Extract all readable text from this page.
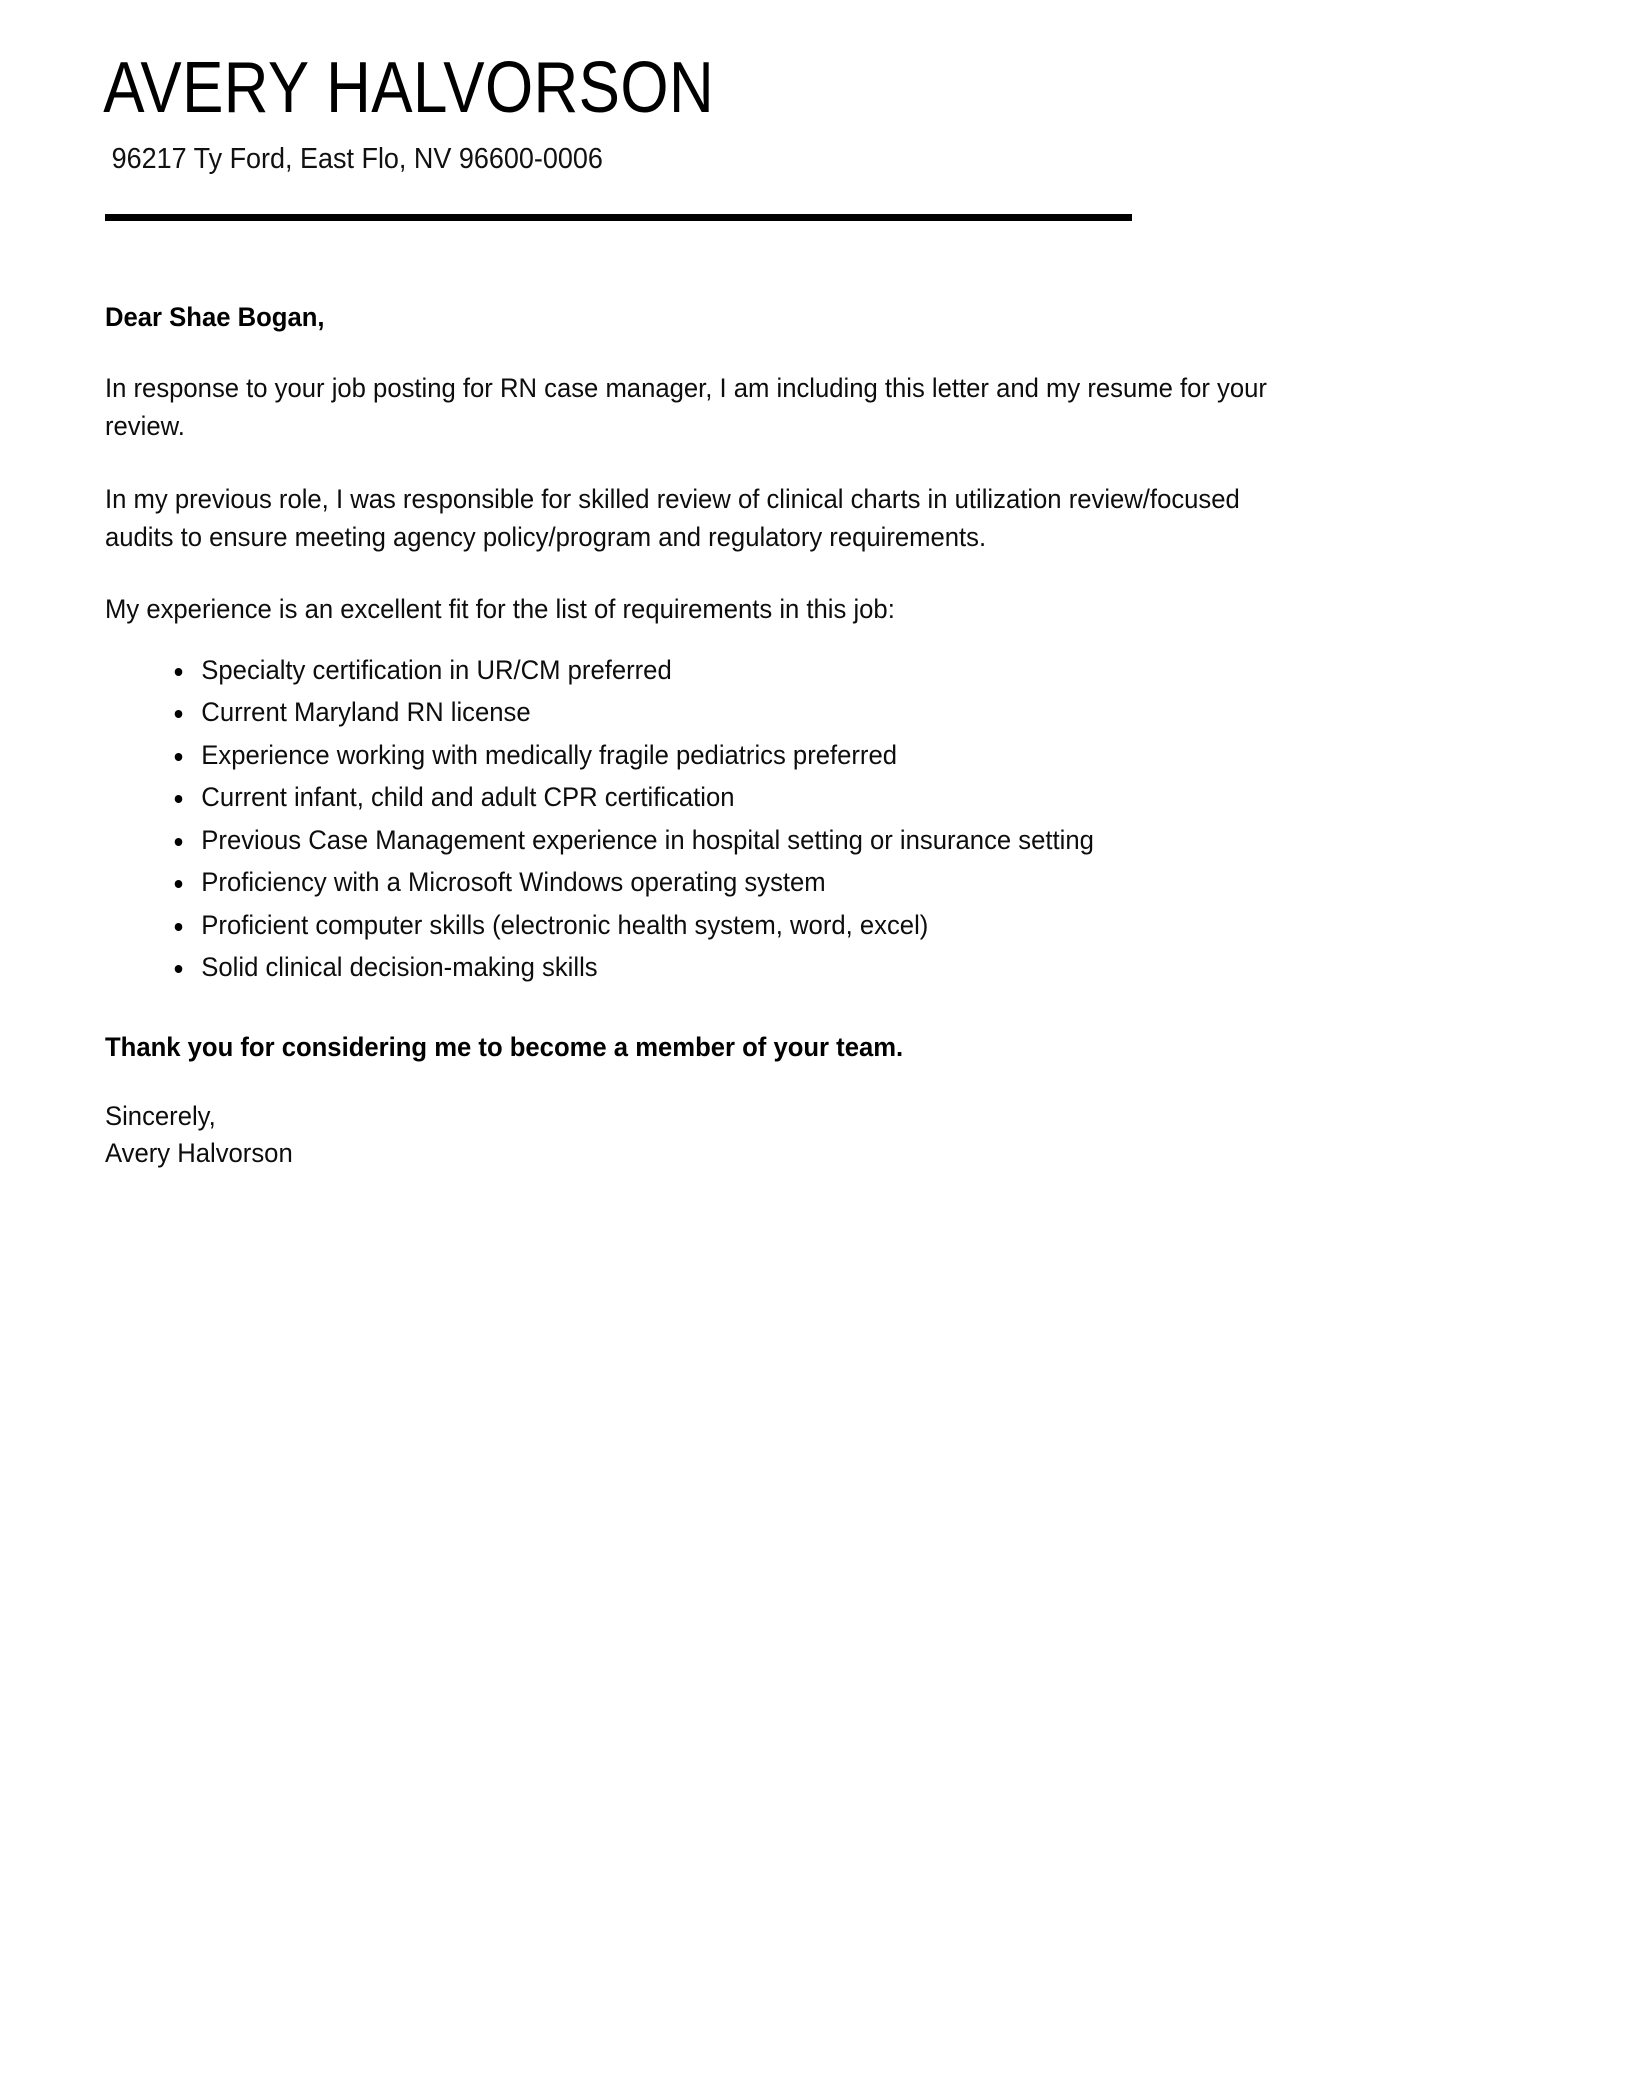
AVERY HALVORSON

96217 Ty Ford, East Flo, NV 96600-0006

Dear Shae Bogan,

In response to your job posting for RN case manager, I am including this letter and my resume for your review.

In my previous role, I was responsible for skilled review of clinical charts in utilization review/focused audits to ensure meeting agency policy/program and regulatory requirements.

My experience is an excellent fit for the list of requirements in this job:

Specialty certification in UR/CM preferred
Current Maryland RN license
Experience working with medically fragile pediatrics preferred
Current infant, child and adult CPR certification
Previous Case Management experience in hospital setting or insurance setting
Proficiency with a Microsoft Windows operating system
Proficient computer skills (electronic health system, word, excel)
Solid clinical decision-making skills

Thank you for considering me to become a member of your team.

Sincerely,
Avery Halvorson
